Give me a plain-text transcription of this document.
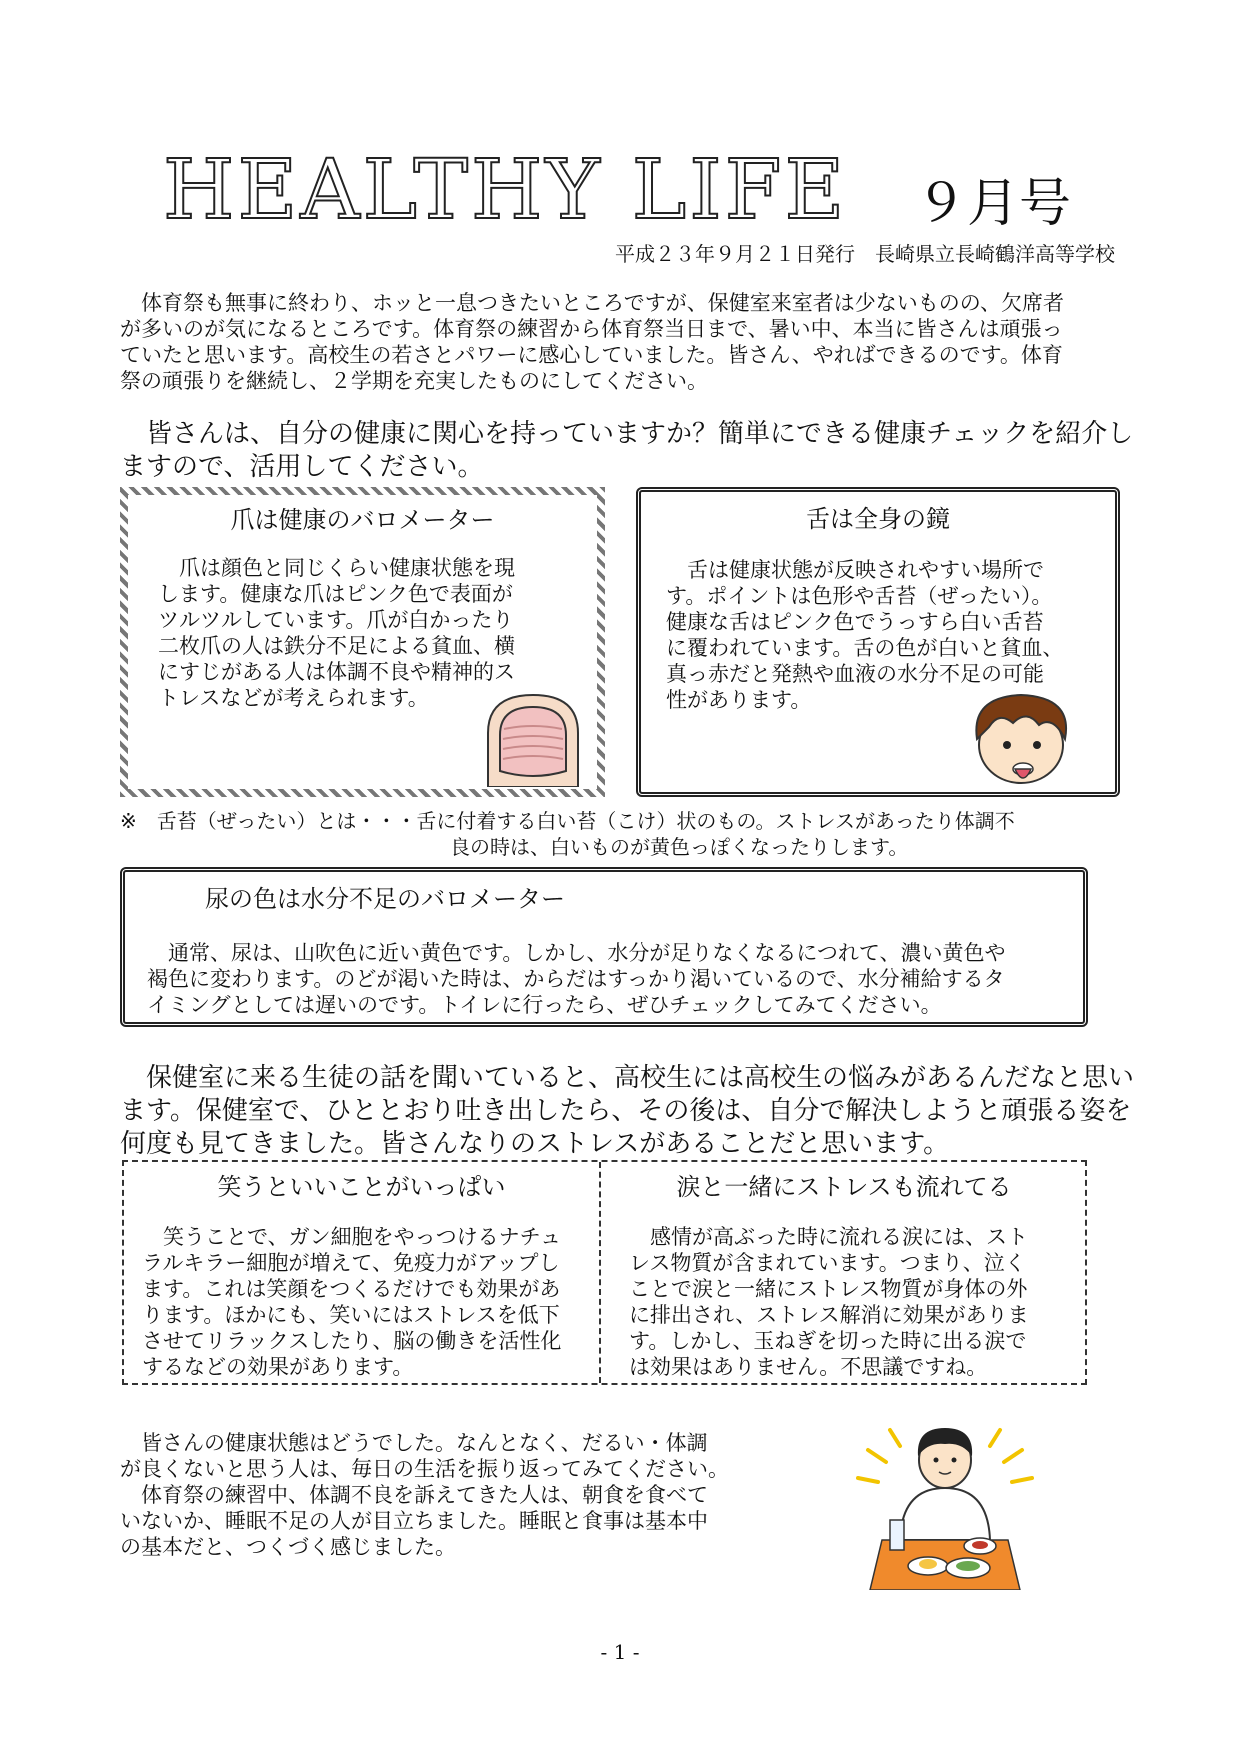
HEALTHY LIFE ９月号
平成２３年９月２１日発行　長崎県立長崎鶴洋高等学校
　体育祭も無事に終わり、ホッと一息つきたいところですが、保健室来室者は少ないものの、欠席者
が多いのが気になるところです。体育祭の練習から体育祭当日まで、暑い中、本当に皆さんは頑張っ
ていたと思います。高校生の若さとパワーに感心していました。皆さん、やればできるのです。体育
祭の頑張りを継続し、２学期を充実したものにしてください。
　皆さんは、自分の健康に関心を持っていますか？簡単にできる健康チェックを紹介し
ますので、活用してください。
爪は健康のバロメーター
　爪は顔色と同じくらい健康状態を現
します。健康な爪はピンク色で表面が
ツルツルしています。爪が白かったり
二枚爪の人は鉄分不足による貧血、横
にすじがある人は体調不良や精神的ス
トレスなどが考えられます。
舌は全身の鏡
　舌は健康状態が反映されやすい場所で
す。ポイントは色形や舌苔（ぜったい）。
健康な舌はピンク色でうっすら白い舌苔
に覆われています。舌の色が白いと貧血、
真っ赤だと発熱や血液の水分不足の可能
性があります。
※　舌苔（ぜったい）とは・・・舌に付着する白い苔（こけ）状のもの。ストレスがあったり体調不
良の時は、白いものが黄色っぽくなったりします。
尿の色は水分不足のバロメーター
　通常、尿は、山吹色に近い黄色です。しかし、水分が足りなくなるにつれて、濃い黄色や
褐色に変わります。のどが渇いた時は、からだはすっかり渇いているので、水分補給するタ
イミングとしては遅いのです。トイレに行ったら、ぜひチェックしてみてください。
　保健室に来る生徒の話を聞いていると、高校生には高校生の悩みがあるんだなと思い
ます。保健室で、ひととおり吐き出したら、その後は、自分で解決しようと頑張る姿を
何度も見てきました。皆さんなりのストレスがあることだと思います。
笑うといいことがいっぱい
　笑うことで、ガン細胞をやっつけるナチュ
ラルキラー細胞が増えて、免疫力がアップし
ます。これは笑顔をつくるだけでも効果があ
ります。ほかにも、笑いにはストレスを低下
させてリラックスしたり、脳の働きを活性化
するなどの効果があります。
涙と一緒にストレスも流れてる
　感情が高ぶった時に流れる涙には、スト
レス物質が含まれています。つまり、泣く
ことで涙と一緒にストレス物質が身体の外
に排出され、ストレス解消に効果がありま
す。しかし、玉ねぎを切った時に出る涙で
は効果はありません。不思議ですね。
　皆さんの健康状態はどうでした。なんとなく、だるい・体調
が良くないと思う人は、毎日の生活を振り返ってみてください。
　体育祭の練習中、体調不良を訴えてきた人は、朝食を食べて
いないか、睡眠不足の人が目立ちました。睡眠と食事は基本中
の基本だと、つくづく感じました。
- 1 -
